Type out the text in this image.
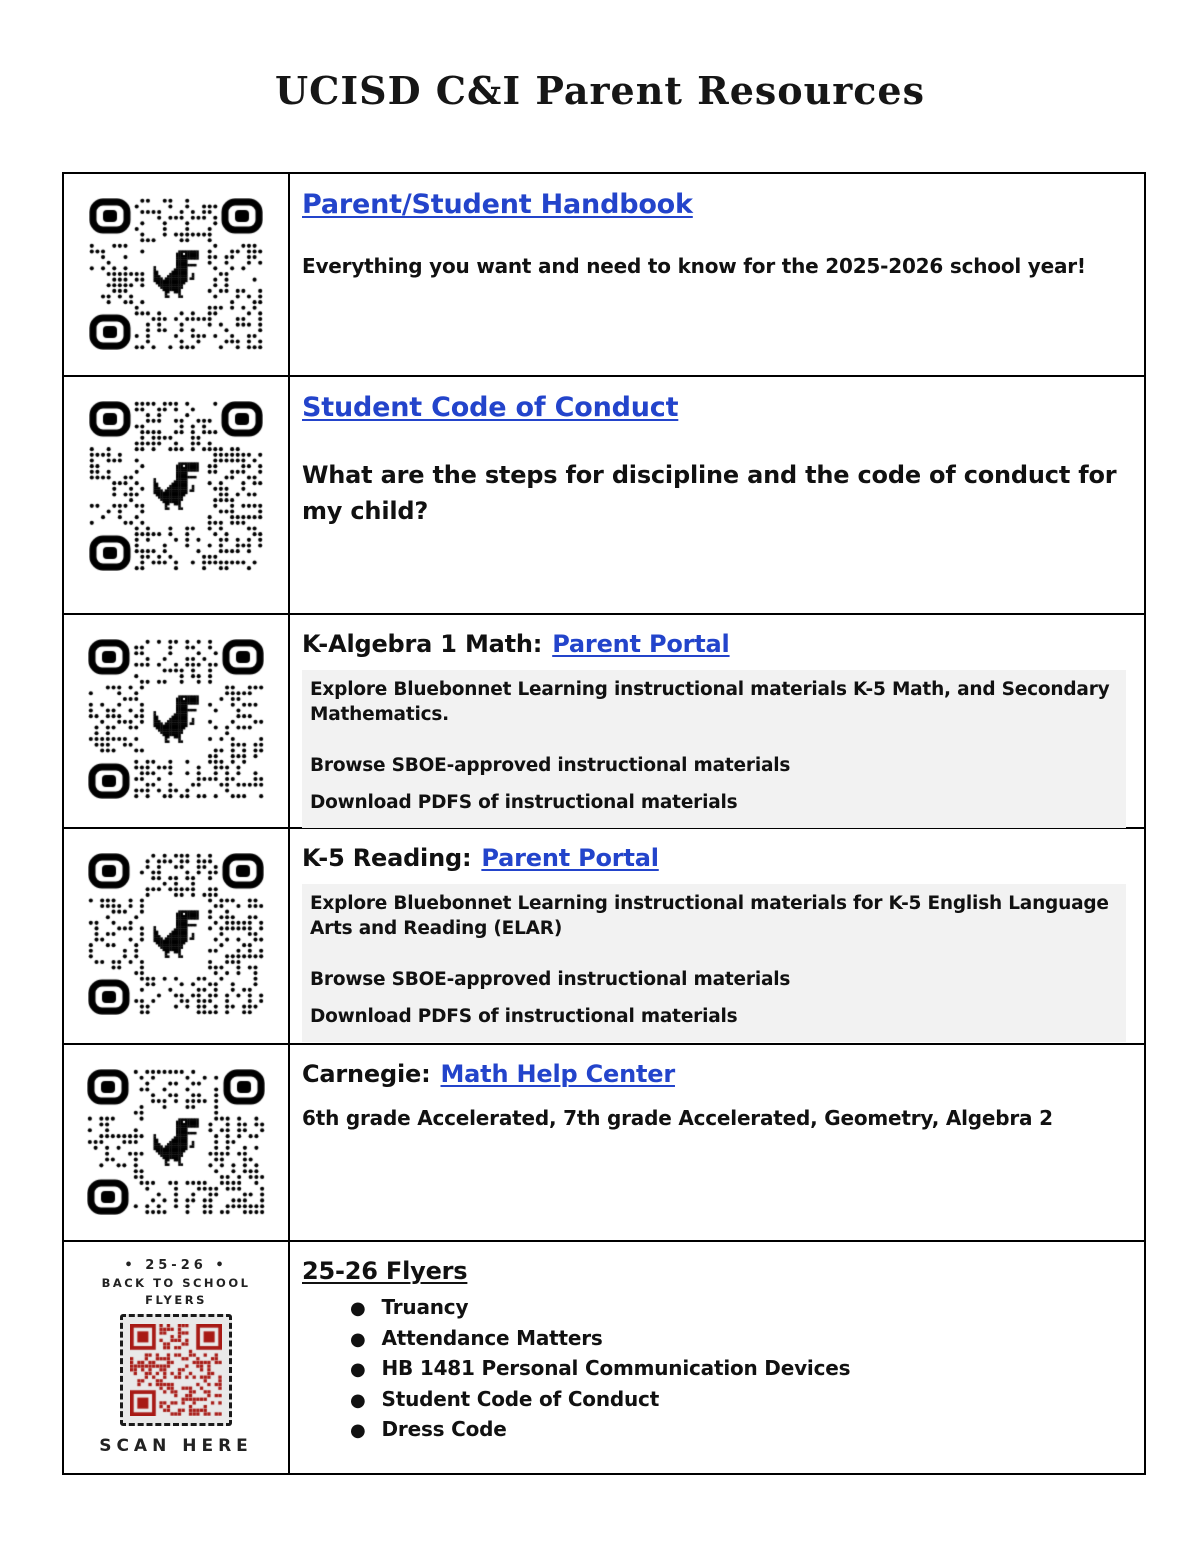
UCISD C&I Parent Resources
Parent/Student Handbook

Everything you want and need to know for the 2025-2026 school year!

Student Code of Conduct

What are the steps for discipline and the code of conduct for my child?

K-Algebra 1 Math: Parent Portal

Explore Bluebonnet Learning instructional materials K-5 Math, and Secondary Mathematics.

Browse SBOE-approved instructional materials

Download PDFS of instructional materials

K-5 Reading: Parent Portal

Explore Bluebonnet Learning instructional materials for K-5 English Language Arts and Reading (ELAR)

Browse SBOE-approved instructional materials

Download PDFS of instructional materials

Carnegie: Math Help Center

6th grade Accelerated, 7th grade Accelerated, Geometry, Algebra 2

• 25-26 •
BACK TO SCHOOL
FLYERS
SCAN HERE
25-26 Flyers
● Truancy
● Attendance Matters
● HB 1481 Personal Communication Devices
● Student Code of Conduct
● Dress Code
